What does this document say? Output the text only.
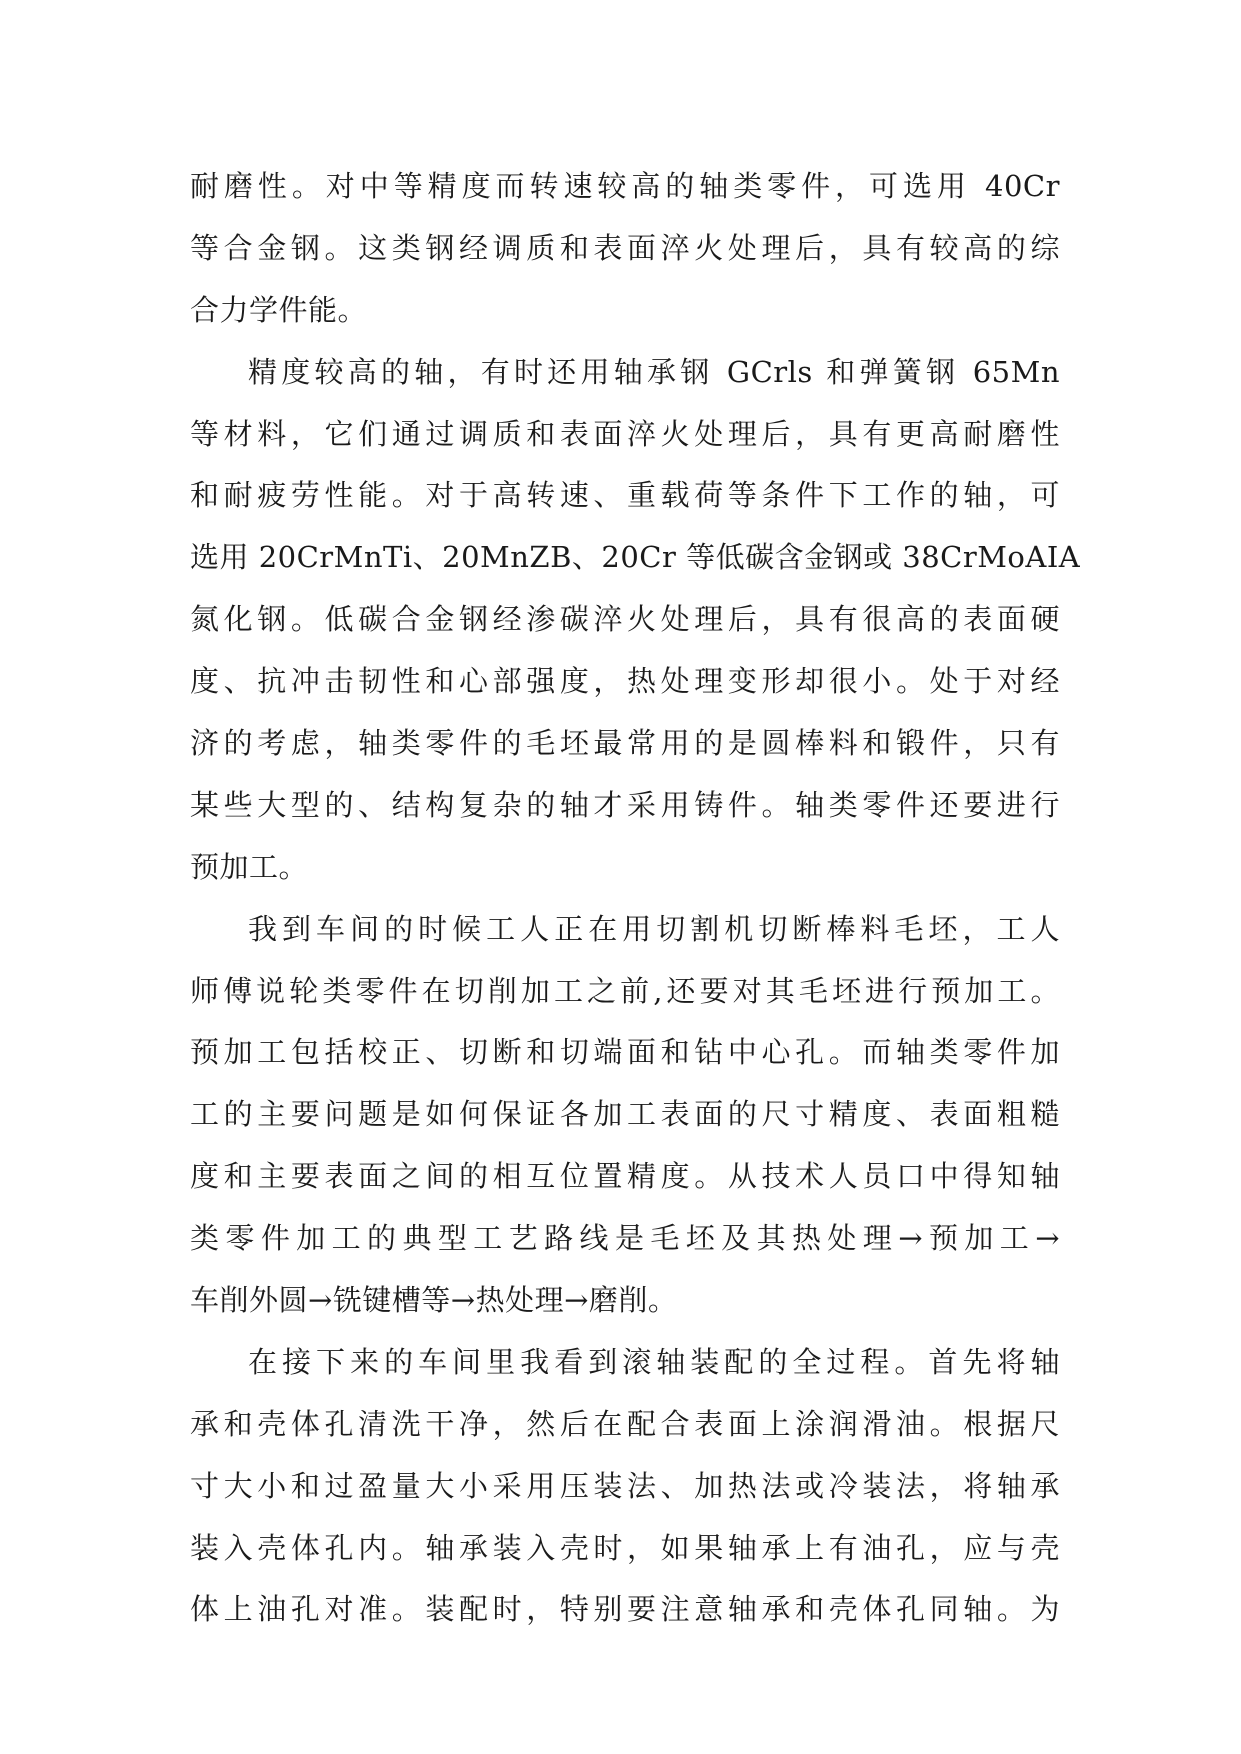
耐磨性。对中等精度而转速较高的轴类零件，可选用 40Cr
等合金钢。这类钢经调质和表面淬火处理后，具有较高的综
合力学件能。
精度较高的轴，有时还用轴承钢 GCrls 和弹簧钢 65Mn
等材料，它们通过调质和表面淬火处理后，具有更高耐磨性
和耐疲劳性能。对于高转速、重载荷等条件下工作的轴，可
选用 20CrMnTi、20MnZB、20Cr 等低碳含金钢或 38CrMoAIA
氮化钢。低碳合金钢经渗碳淬火处理后，具有很高的表面硬
度、抗冲击韧性和心部强度，热处理变形却很小。处于对经
济的考虑，轴类零件的毛坯最常用的是圆棒料和锻件，只有
某些大型的、结构复杂的轴才采用铸件。轴类零件还要进行
预加工。
我到车间的时候工人正在用切割机切断棒料毛坯，工人
师傅说轮类零件在切削加工之前,还要对其毛坯进行预加工。
预加工包括校正、切断和切端面和钻中心孔。而轴类零件加
工的主要问题是如何保证各加工表面的尺寸精度、表面粗糙
度和主要表面之间的相互位置精度。从技术人员口中得知轴
类零件加工的典型工艺路线是毛坯及其热处理→预加工→
车削外圆→铣键槽等→热处理→磨削。
在接下来的车间里我看到滚轴装配的全过程。首先将轴
承和壳体孔清洗干净，然后在配合表面上涂润滑油。根据尺
寸大小和过盈量大小采用压装法、加热法或冷装法，将轴承
装入壳体孔内。轴承装入壳时，如果轴承上有油孔，应与壳
体上油孔对准。装配时，特别要注意轴承和壳体孔同轴。为
